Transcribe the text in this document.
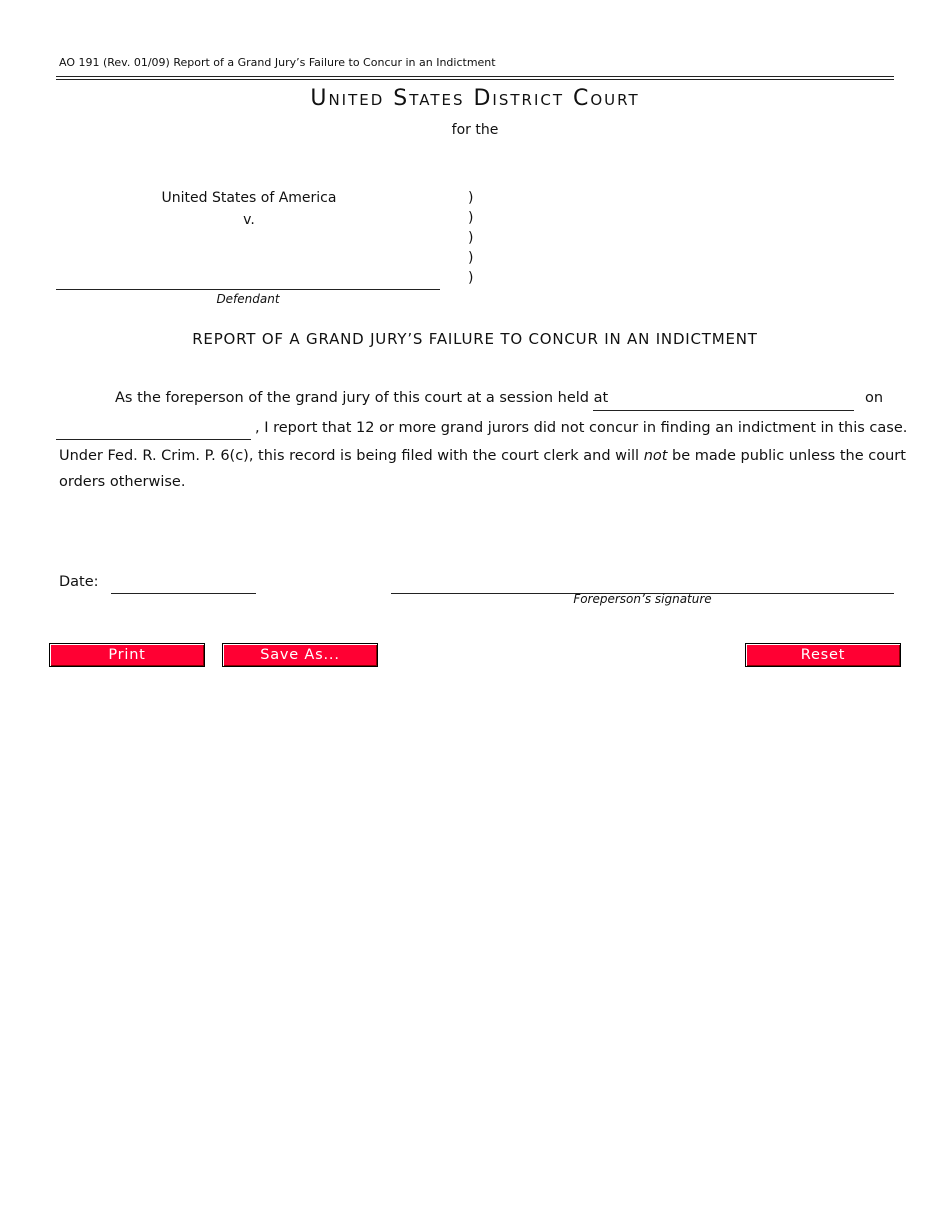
AO 191 (Rev. 01/09) Report of a Grand Jury’s Failure to Concur in an Indictment
United States District Court
for the
United States of America
v.
)
)
)
)
)
Defendant
REPORT OF A GRAND JURY’S FAILURE TO CONCUR IN AN INDICTMENT
As the foreperson of the grand jury of this court at a session held at	on
, I report that 12 or more grand jurors did not concur in finding an indictment in this case.
Under Fed. R. Crim. P. 6(c), this record is being filed with the court clerk and will not be made public unless the court
orders otherwise.
Date:
Foreperson’s signature
Print	Save As...	Reset
